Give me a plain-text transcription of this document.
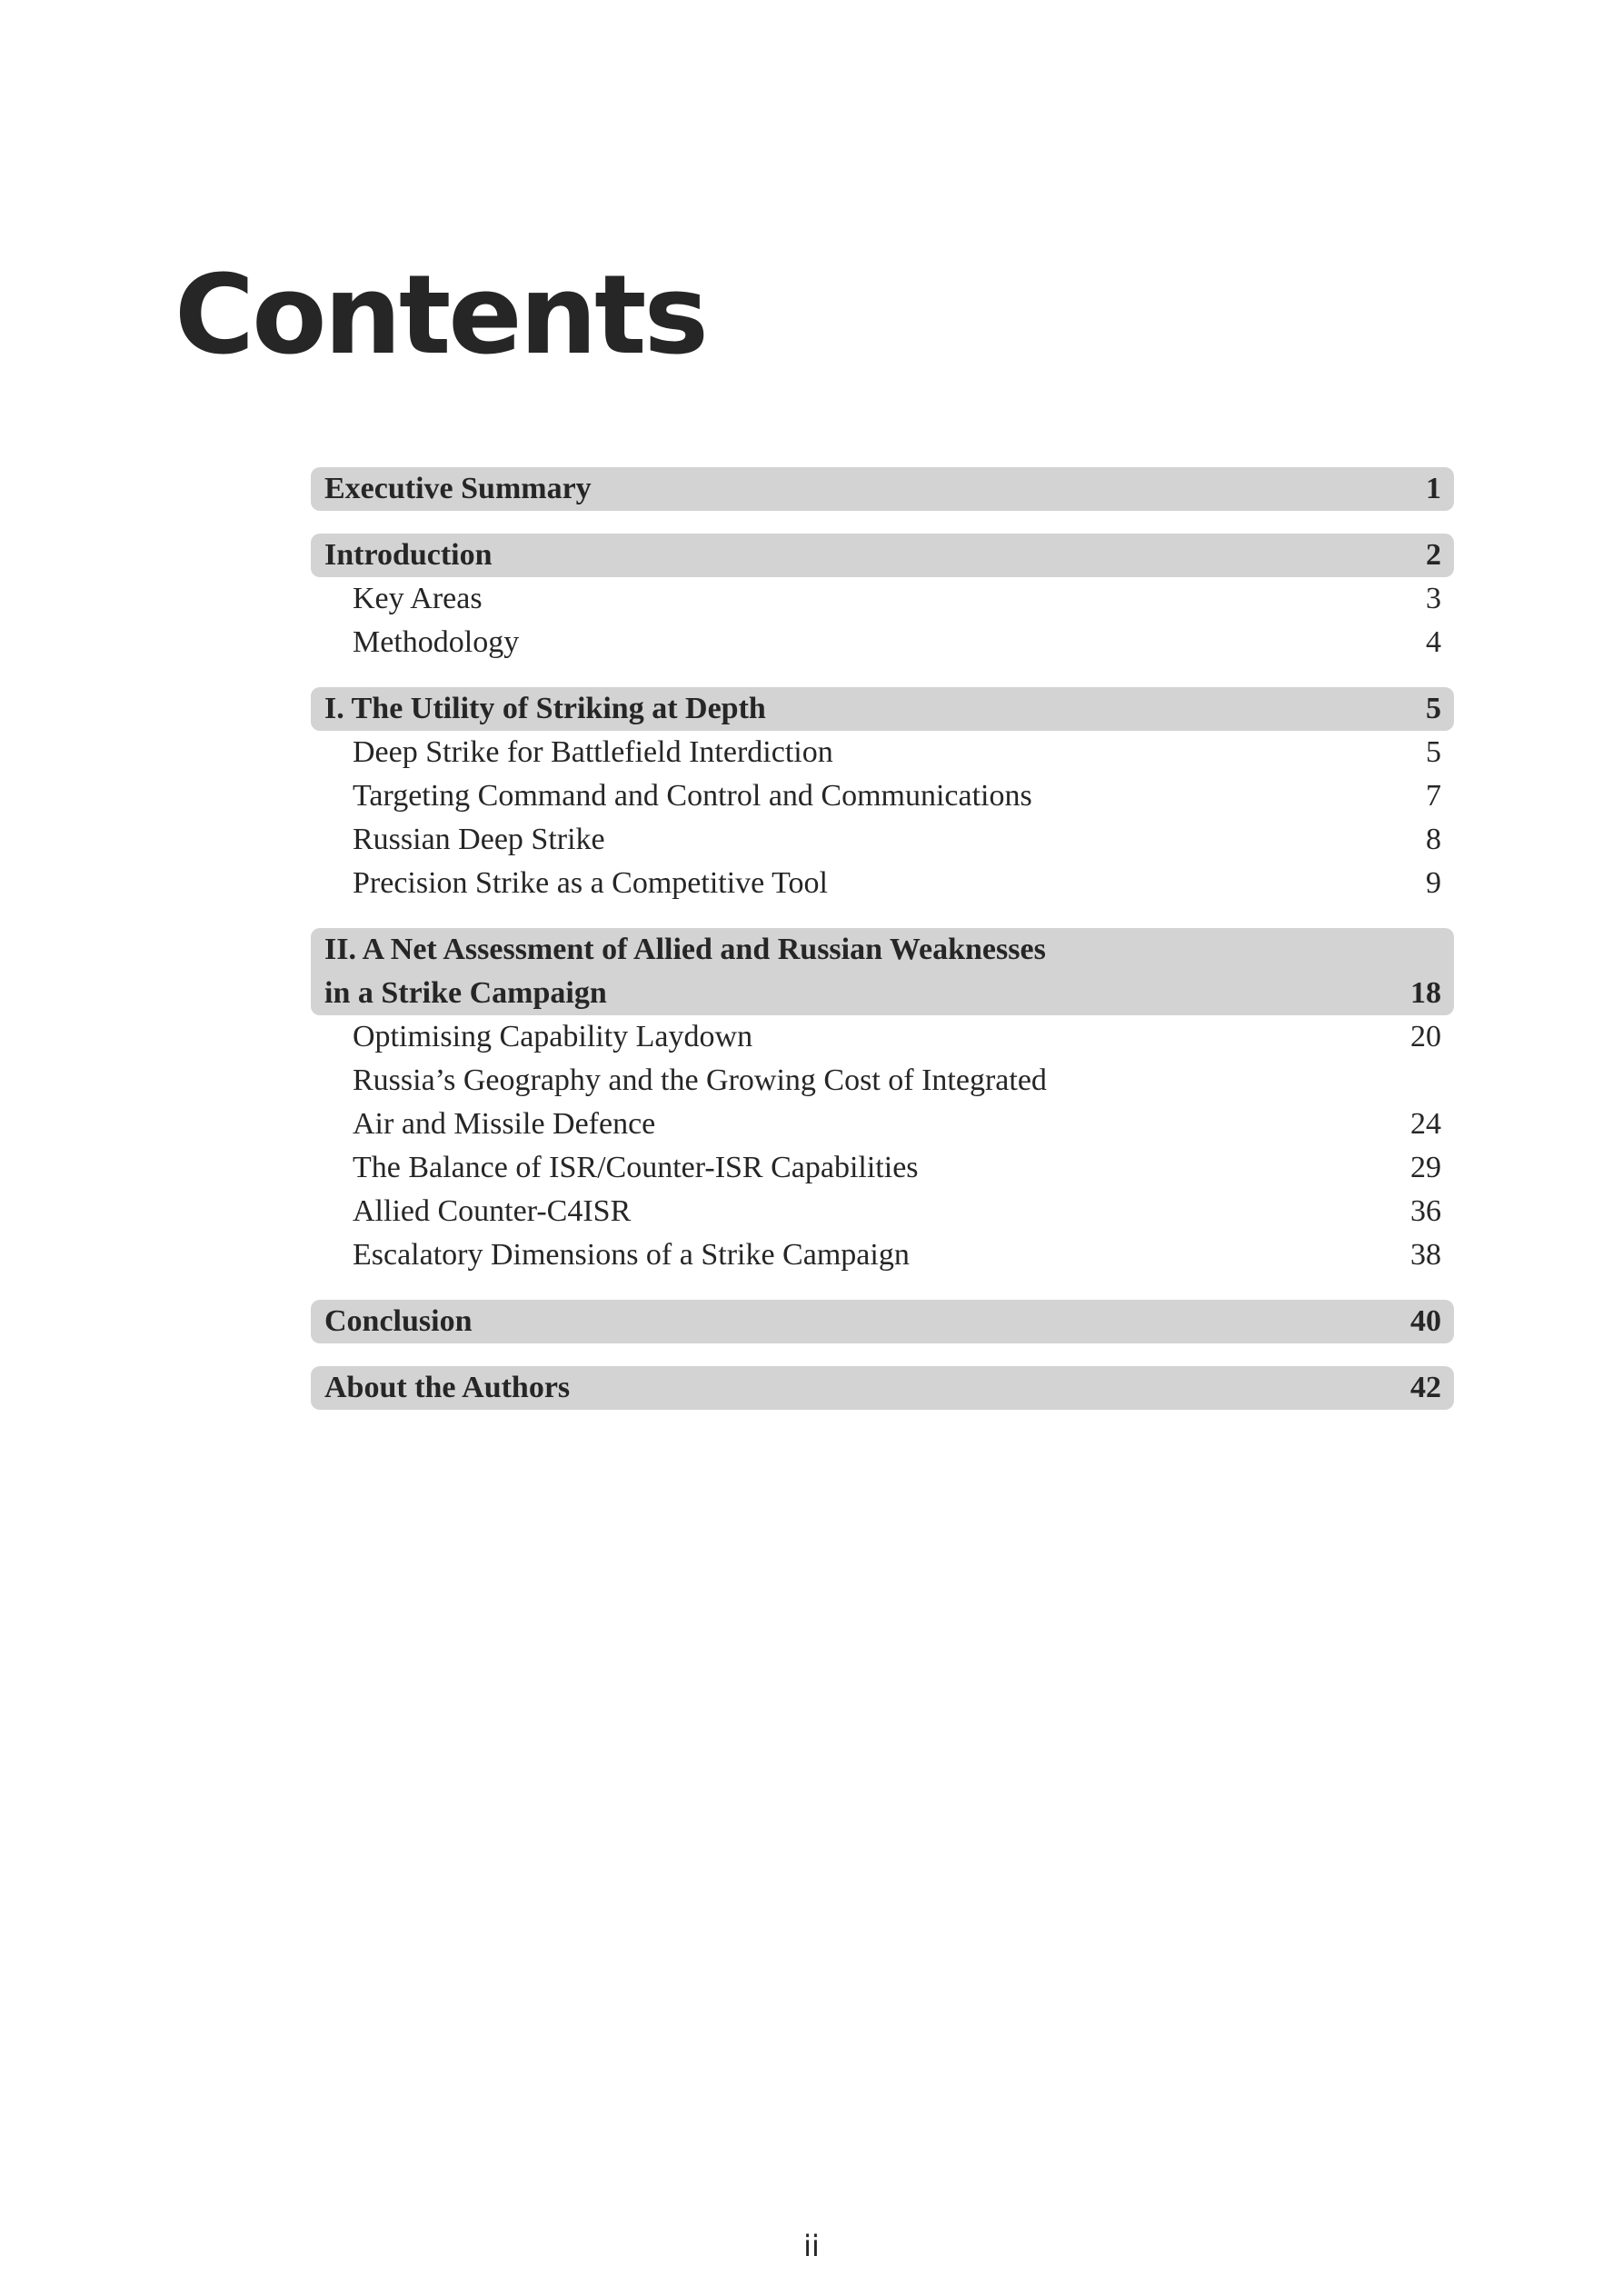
Contents
Executive Summary	1
Introduction	2
Key Areas	3
Methodology	4
I. The Utility of Striking at Depth	5
Deep Strike for Battlefield Interdiction	5
Targeting Command and Control and Communications	7
Russian Deep Strike	8
Precision Strike as a Competitive Tool	9
II. A Net Assessment of Allied and Russian Weaknesses
in a Strike Campaign	18
Optimising Capability Laydown	20
Russia’s Geography and the Growing Cost of Integrated
Air and Missile Defence	24
The Balance of ISR/Counter-ISR Capabilities	29
Allied Counter-C4ISR	36
Escalatory Dimensions of a Strike Campaign	38
Conclusion	40
About the Authors	42
ii
